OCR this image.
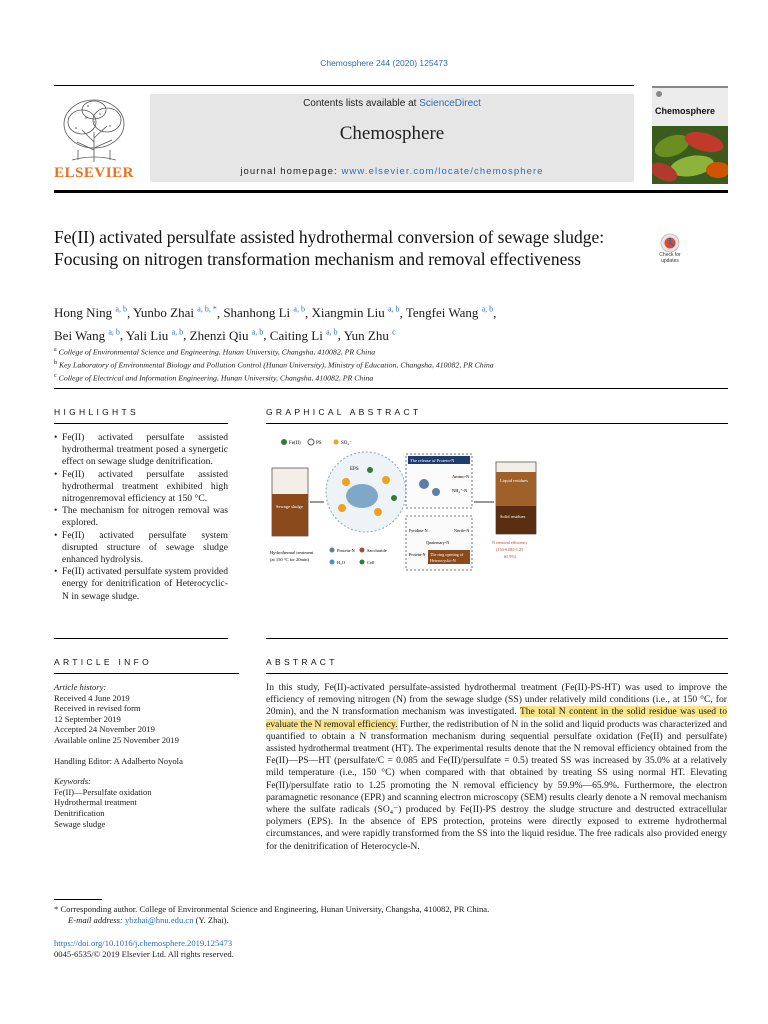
Chemosphere 244 (2020) 125473
ELSEVIER
Contents lists available at ScienceDirect
Chemosphere
journal homepage: www.elsevier.com/locate/chemosphere
Chemosphere
Fe(II) activated persulfate assisted hydrothermal conversion of sewage sludge: Focusing on nitrogen transformation mechanism and removal effectiveness	Check for
updates
Hong Ning $^{a, b}$, Yunbo Zhai $^{a, b, *}$, Shanhong Li $^{a, b}$, Xiangmin Liu $^{a, b}$, Tengfei Wang $^{a, b}$,
Bei Wang $^{a, b}$, Yali Liu $^{a, b}$, Zhenzi Qiu $^{a, b}$, Caiting Li $^{a, b}$, Yun Zhu $^c$
$^a$ College of Environmental Science and Engineering, Hunan University, Changsha, 410082, PR China
$^b$ Key Laboratory of Environmental Biology and Pollution Control (Hunan University), Ministry of Education, Changsha, 410082, PR China
$^c$ College of Electrical and Information Engineering, Hunan University, Changsha, 410082, PR China
HIGHLIGHTS	GRAPHICAL ABSTRACT
• Fe(II) activated persulfate assisted hydrothermal treatment posed a synergetic effect on sewage sludge denitrification.
• Fe(II) activated persulfate assisted hydrothermal treatment exhibited high nitrogenremoval efficiency at 150 °C.
• The mechanism for nitrogen removal was explored.
• Fe(II) activated persulfate system disrupted structure of sewage sludge enhanced hydrolysis.
• Fe(II) activated persulfate system provided energy for denitrification of Heterocyclic-N in sewage sludge.
Fe(II)	PS	SO₄⁻
Sewage sludge
Hydrothermal treatment
(at 150 °C for 20min)
EPS
Protein-N	Saccharide
H₂O	Cell
The release of Protein-N
Ammo-N
NH₄⁺-N
Pyridine-N
Quaternary-N
Nitrile-N
Protein-N The ring opening of
Heterocyclic-N
Liquid residues
Solid residues
N removal efficiency
(150-0.085-1.25
65.9%)
ARTICLE INFO	ABSTRACT
Article history:
Received 4 June 2019
Received in revised form
12 September 2019
Accepted 24 November 2019
Available online 25 November 2019
Handling Editor: A Adalberto Noyola
Keywords:
Fe(II)—Persulfate oxidation
Hydrothermal treatment
Denitrification
Sewage sludge
In this study, Fe(II)-activated persulfate-assisted hydrothermal treatment (Fe(II)-PS-HT) was used to improve the efficiency of removing nitrogen (N) from the sewage sludge (SS) under relatively mild conditions (i.e., at 150 °C, for 20min), and the N transformation mechanism was investigated. The total N content in the solid residue was used to evaluate the N removal efficiency. Further, the redistribution of N in the solid and liquid products was characterized and quantified to obtain a N transformation mechanism during sequential persulfate oxidation (Fe(II) and persulfate) assisted hydrothermal treatment (HT). The experimental results denote that the N removal efficiency obtained from the Fe(II)—PS—HT (persulfate/C = 0.085 and Fe(II)/persulfate = 0.5) treated SS was increased by 35.0% at a relatively mild temperature (i.e., 150 °C) when compared with that obtained by treating SS using normal HT. Elevating Fe(II)/persulfate ratio to 1.25 promoting the N removal efficiency by 59.9%—65.9%. Furthermore, the electron paramagnetic resonance (EPR) and scanning electron microscopy (SEM) results clearly denote a N removal mechanism where the sulfate radicals (SO₄⁻) produced by Fe(II)-PS destroy the sludge structure and destructed extracellular polymers (EPS). In the absence of EPS protection, proteins were directly exposed to extreme hydrothermal circumstances, and were rapidly transformed from the SS into the liquid residue. The free radicals also provided energy for the denitrification of Heterocycle-N.
* Corresponding author. College of Environmental Science and Engineering, Hunan University, Changsha, 410082, PR China.
E-mail address: ybzhai@hnu.edu.cn (Y. Zhai).
https://doi.org/10.1016/j.chemosphere.2019.125473
0045-6535/© 2019 Elsevier Ltd. All rights reserved.
